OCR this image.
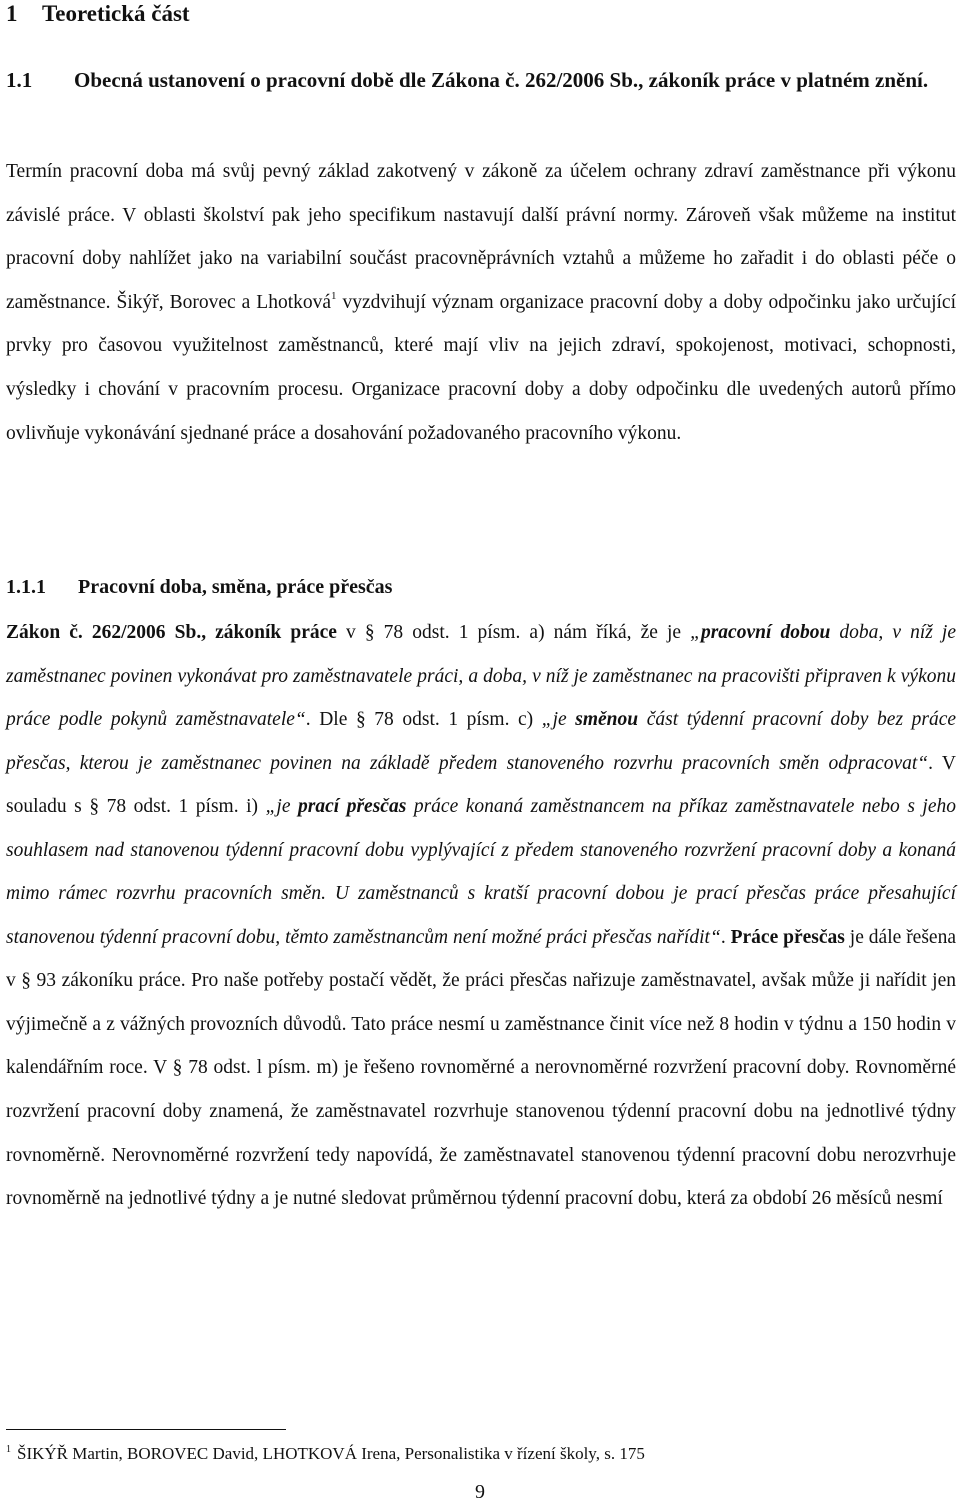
1 Teoretická část
1.1 Obecná ustanovení o pracovní době dle Zákona č. 262/2006 Sb., zákoník práce v platném znění.
Termín pracovní doba má svůj pevný základ zakotvený v zákoně za účelem ochrany zdraví zaměstnance při výkonu závislé práce. V oblasti školství pak jeho specifikum nastavují další právní normy. Zároveň však můžeme na institut pracovní doby nahlížet jako na variabilní součást pracovněprávních vztahů a můžeme ho zařadit i do oblasti péče o zaměstnance. Šikýř, Borovec a Lhotková$^1$ vyzdvihují význam organizace pracovní doby a doby odpočinku jako určující prvky pro časovou využitelnost zaměstnanců, které mají vliv na jejich zdraví, spokojenost, motivaci, schopnosti, výsledky i chování v pracovním procesu. Organizace pracovní doby a doby odpočinku dle uvedených autorů přímo ovlivňuje vykonávání sjednané práce a dosahování požadovaného pracovního výkonu.
1.1.1 Pracovní doba, směna, práce přesčas
Zákon č. 262/2006 Sb., zákoník práce v § 78 odst. 1 písm. a) nám říká, že je „pracovní dobou doba, v níž je zaměstnanec povinen vykonávat pro zaměstnavatele práci, a doba, v níž je zaměstnanec na pracovišti připraven k výkonu práce podle pokynů zaměstnavatele“. Dle § 78 odst. 1 písm. c) „je směnou část týdenní pracovní doby bez práce přesčas, kterou je zaměstnanec povinen na základě předem stanoveného rozvrhu pracovních směn odpracovat“. V souladu s § 78 odst. 1 písm. i) „je prací přesčas práce konaná zaměstnancem na příkaz zaměstnavatele nebo s jeho souhlasem nad stanovenou týdenní pracovní dobu vyplývající z předem stanoveného rozvržení pracovní doby a konaná mimo rámec rozvrhu pracovních směn. U zaměstnanců s kratší pracovní dobou je prací přesčas práce přesahující stanovenou týdenní pracovní dobu, těmto zaměstnancům není možné práci přesčas nařídit“. Práce přesčas je dále řešena v § 93 zákoníku práce. Pro naše potřeby postačí vědět, že práci přesčas nařizuje zaměstnavatel, avšak může ji nařídit jen výjimečně a z vážných provozních důvodů. Tato práce nesmí u zaměstnance činit více než 8 hodin v týdnu a 150 hodin v kalendářním roce. V § 78 odst. l písm. m) je řešeno rovnoměrné a nerovnoměrné rozvržení pracovní doby. Rovnoměrné rozvržení pracovní doby znamená, že zaměstnavatel rozvrhuje stanovenou týdenní pracovní dobu na jednotlivé týdny rovnoměrně. Nerovnoměrné rozvržení tedy napovídá, že zaměstnavatel stanovenou týdenní pracovní dobu nerozvrhuje rovnoměrně na jednotlivé týdny a je nutné sledovat průměrnou týdenní pracovní dobu, která za období 26 měsíců nesmí
$^1$ ŠIKÝŘ Martin, BOROVEC David, LHOTKOVÁ Irena, Personalistika v řízení školy, s. 175
9
